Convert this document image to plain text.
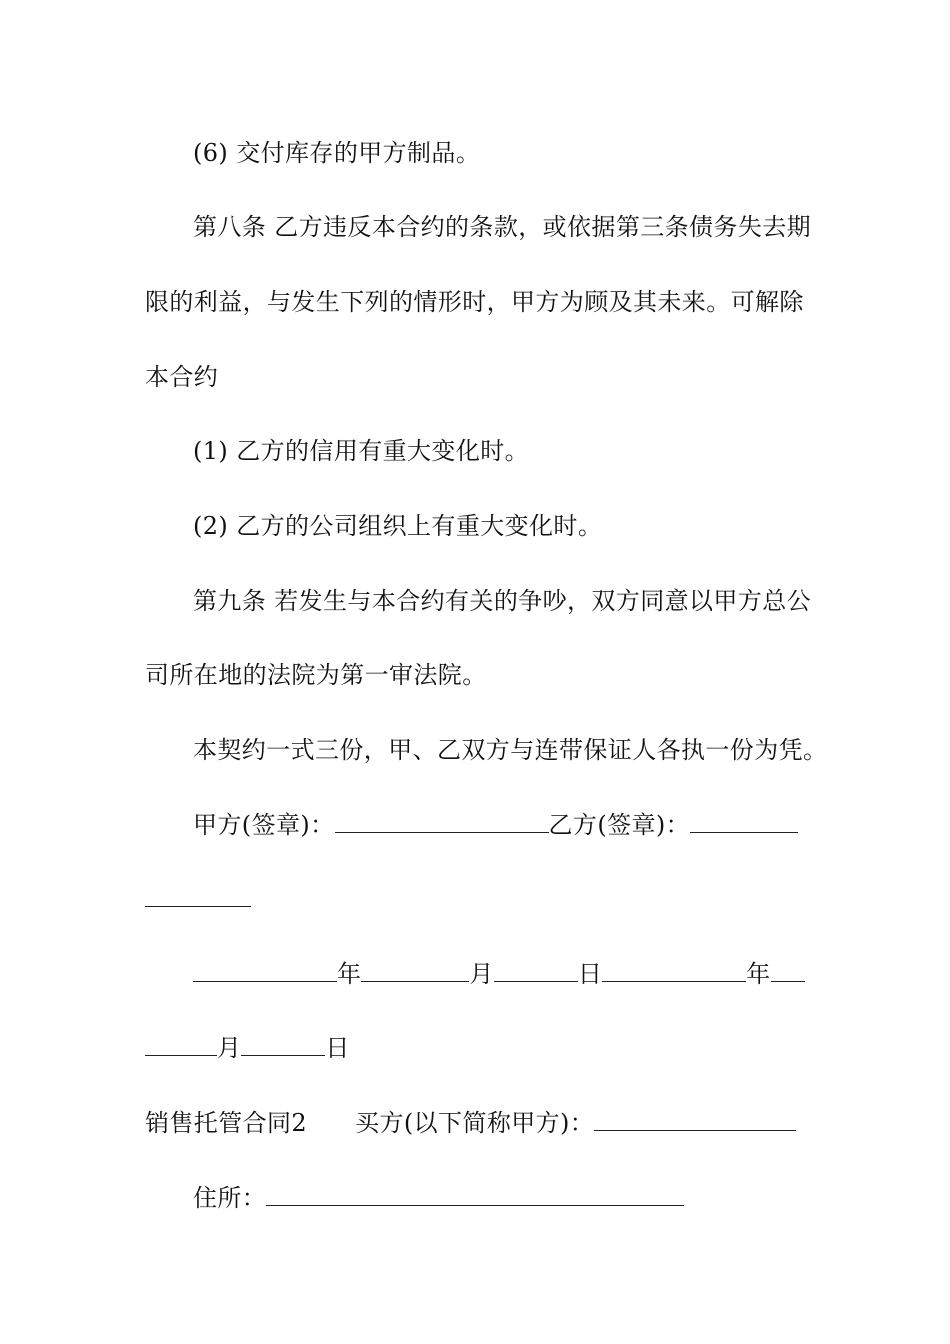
(6) 交付库存的甲方制品。
第八条 乙方违反本合约的条款，或依据第三条债务失去期
限的利益，与发生下列的情形时，甲方为顾及其未来。可解除
本合约
(1) 乙方的信用有重大变化时。
(2) 乙方的公司组织上有重大变化时。
第九条 若发生与本合约有关的争吵，双方同意以甲方总公
司所在地的法院为第一审法院。
本契约一式三份，甲、乙双方与连带保证人各执一份为凭。
甲方(签章)：	乙方(签章)：
年	月	日	年
月	日
销售托管合同2 买方(以下简称甲方)：
住所：
